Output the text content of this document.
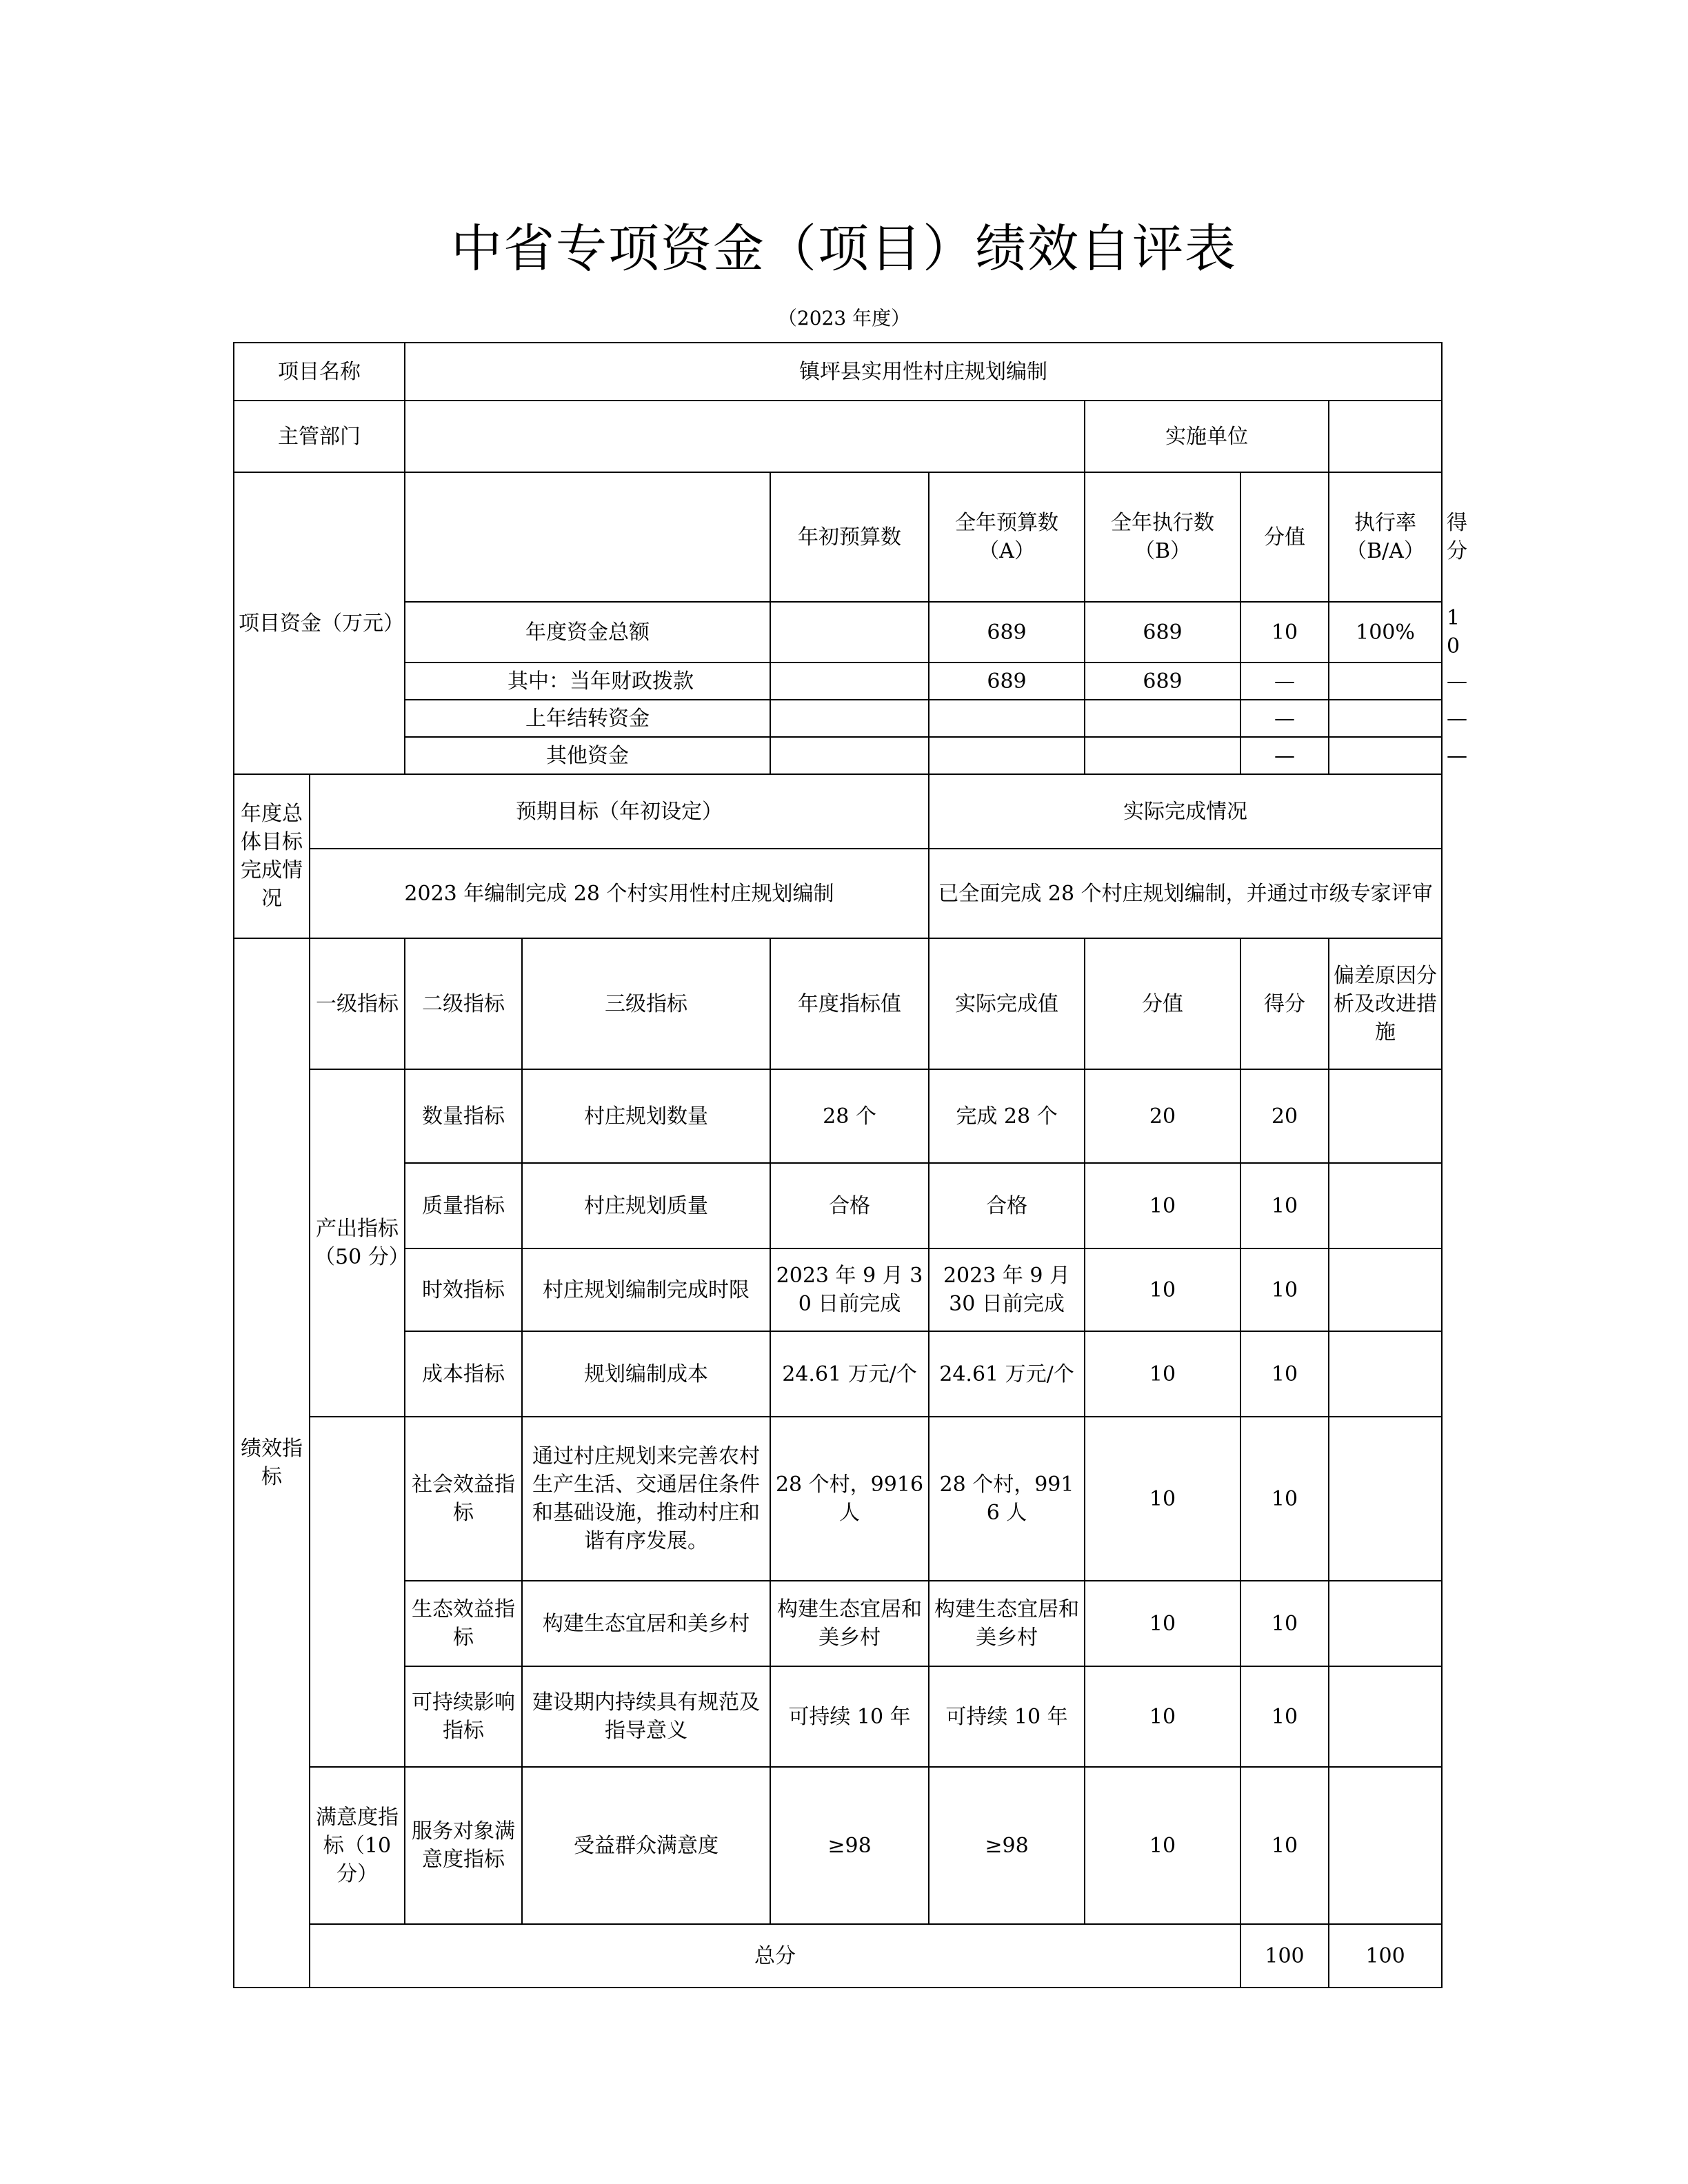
中省专项资金（项目）绩效自评表
（2023 年度）
项目名称		镇坪县实用性村庄规划编制							
主管部门						实施单位			
项目资金（万元）				年初预算数	全年预算数（A）	全年执行数（B）	分值	执行率（B/A）	得分
		年度资金总额			689	689	10	100%	10
		其中：当年财政拨款			689	689	—		—
		上年结转资金					—		—
		其他资金					—		—
年度总体目标完成情况	预期目标（年初设定）				实际完成情况				
	2023 年编制完成 28 个村实用性村庄规划编制				已全面完成 28 个村庄规划编制，并通过市级专家评审				
绩效指标	一级指标	二级指标	三级指标	年度指标值	实际完成值	分值	得分	偏差原因分析及改进措施	
	产出指标（50 分）	数量指标	村庄规划数量	28 个	完成 28 个	20	20		
		质量指标	村庄规划质量	合格	合格	10	10		
		时效指标	村庄规划编制完成时限	2023 年 9 月 30 日前完成	2023 年 9 月 30 日前完成	10	10		
		成本指标	规划编制成本	24.61 万元/个	24.61 万元/个	10	10		
		社会效益指标	通过村庄规划来完善农村生产生活、交通居住条件和基础设施，推动村庄和谐有序发展。	28 个村，9916 人	28 个村，9916 人	10	10		
		生态效益指标	构建生态宜居和美乡村	构建生态宜居和美乡村	构建生态宜居和美乡村	10	10		
		可持续影响指标	建设期内持续具有规范及指导意义	可持续 10 年	可持续 10 年	10	10		
	满意度指标（10 分）	服务对象满意度指标	受益群众满意度	≥98	≥98	10	10		
	总分						100	100	
